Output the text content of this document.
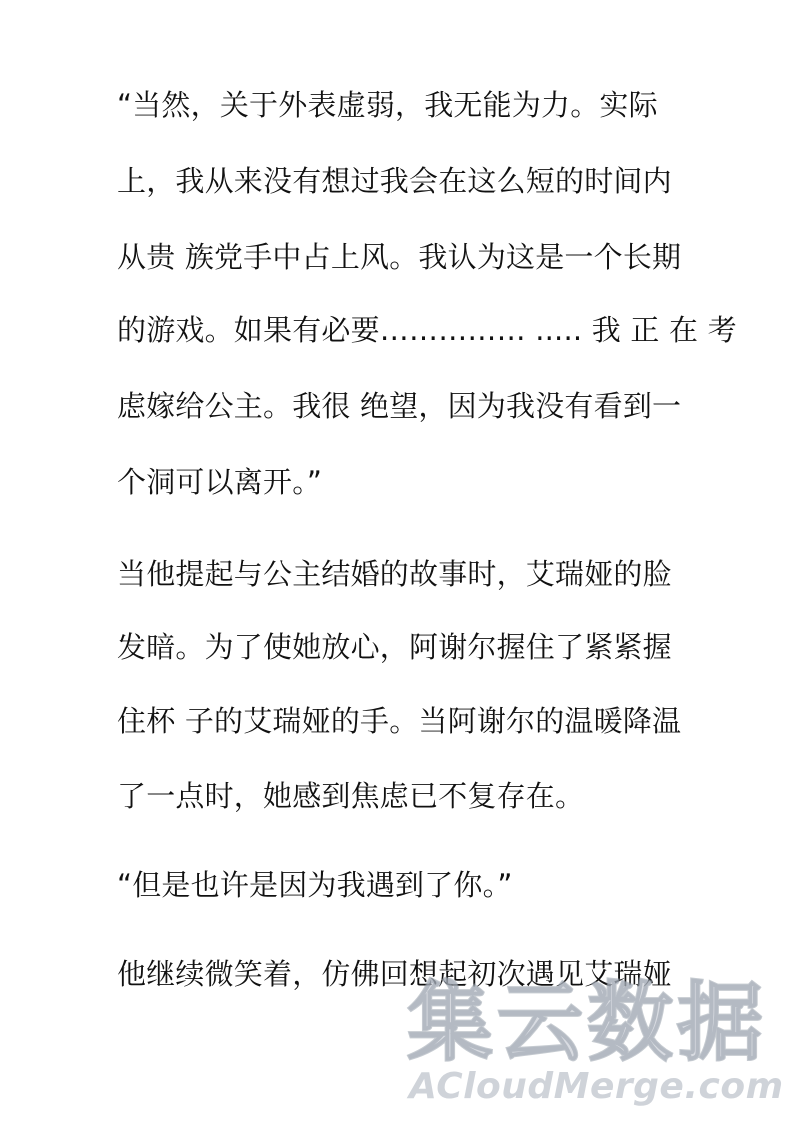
“当然，关于外表虚弱，我无能为力。实际
上，我从来没有想过我会在这么短的时间内
从贵 族党手中占上风。我认为这是一个长期
的游戏。如果有必要…………… ..... 我 正 在 考
虑嫁给公主。我很 绝望，因为我没有看到一
个洞可以离开。”
当他提起与公主结婚的故事时，艾瑞娅的脸
发暗。为了使她放心，阿谢尔握住了紧紧握
住杯 子的艾瑞娅的手。当阿谢尔的温暖降温
了一点时，她感到焦虑已不复存在。
“但是也许是因为我遇到了你。”
他继续微笑着，仿佛回想起初次遇见艾瑞娅
集云数据
ACloudMerge.com
